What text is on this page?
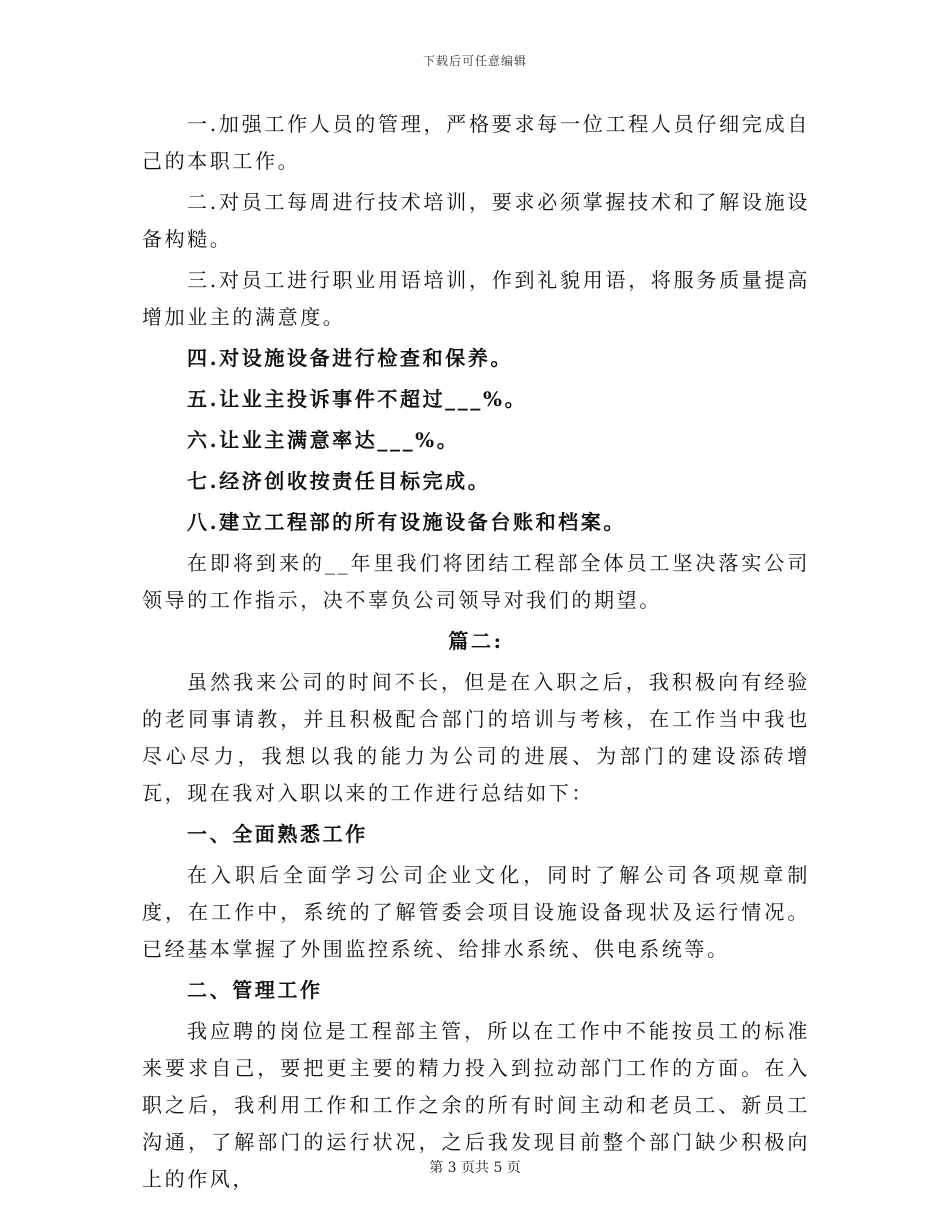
下载后可任意编辑

一.加强工作人员的管理，严格要求每一位工程人员仔细完成自己的本职工作。

二.对员工每周进行技术培训，要求必须掌握技术和了解设施设备构糙。

三.对员工进行职业用语培训，作到礼貌用语，将服务质量提高增加业主的满意度。

四.对设施设备进行检查和保养。

五.让业主投诉事件不超过___%。

六.让业主满意率达___%。

七.经济创收按责任目标完成。

八.建立工程部的所有设施设备台账和档案。

在即将到来的__年里我们将团结工程部全体员工坚决落实公司领导的工作指示，决不辜负公司领导对我们的期望。

篇二:

虽然我来公司的时间不长，但是在入职之后，我积极向有经验的老同事请教，并且积极配合部门的培训与考核，在工作当中我也尽心尽力，我想以我的能力为公司的进展、为部门的建设添砖增瓦，现在我对入职以来的工作进行总结如下：

一、全面熟悉工作

在入职后全面学习公司企业文化，同时了解公司各项规章制度，在工作中，系统的了解管委会项目设施设备现状及运行情况。已经基本掌握了外围监控系统、给排水系统、供电系统等。

二、管理工作

我应聘的岗位是工程部主管，所以在工作中不能按员工的标准来要求自己，要把更主要的精力投入到拉动部门工作的方面。在入职之后，我利用工作和工作之余的所有时间主动和老员工、新员工沟通，了解部门的运行状况，之后我发现目前整个部门缺少积极向上的作风，	第 3 页共 5 页
